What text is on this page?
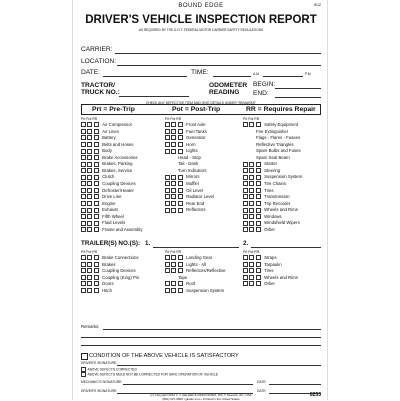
BOUND EDGE	8/12
DRIVER'S VEHICLE INSPECTION REPORT
AS REQUIRED BY THE D.O.T. FEDERAL MOTOR CARRIER SAFETY REGULATIONS
CARRIER:
LOCATION:
DATE:	TIME:	A.M.	P.M.
TRACTOR/
TRUCK NO.:
ODOMETER
READING
BEGIN:
END:
CHECK ANY DEFECTIVE ITEM AND GIVE DETAILS UNDER "REMARKS"
Prt = Pre-Trip	Pot = Post-Trip	RR = Requires Repair
Prt Pot RR	Prt Pot RR	Prt Pot RR
Air Compressor
Air Lines
Battery
Belts and Hoses
Body
Brake Accessories
Brakes, Parking
Brakes, Service
Clutch
Coupling Devices
Defroster/Heater
Drive Line
Engine
Exhaust
Fifth Wheel
Fluid Levels
Frame and Assembly
Front Axle
Fuel Tanks
Generator
Horn
Lights
Head - Stop
Tail - Dash
Turn Indicators
Mirrors
Muffler
Oil Level
Radiator Level
Rear End
Reflectors
Safety Equipment
Fire Extinguisher
Flags - Flares - Fusees
Reflective Triangles
Spare Bulbs and Fuses
Spare Seal Beam
Starter
Steering
Suspension System
Tire Chains
Tires
Transmission
Trip Recorder
Wheels and Rims
Windows
Windshield Wipers
Other
TRAILER(S) NO.(S): 1.	2.
Prt Pot RR	Prt Pot RR	Prt Pot RR
Brake Connections
Brakes
Coupling Devices
Coupling (King) Pin
Doors
Hitch
Landing Gear
Lights - All
Reflectors/Reflective
Tape
Roof
Suspension System
Straps
Tarpaulin
Tires
Wheels and Rims
Other
Remarks:
CONDITION OF THE ABOVE VEHICLE IS SATISFACTORY
DRIVER'S SIGNATURE:
ABOVE DEFECTS CORRECTED
ABOVE DEFECTS NEED NOT BE CORRECTED FOR SAFE OPERATION OF VEHICLE
MECHANIC'S SIGNATURE:	DATE:
DRIVER'S SIGNATURE:	DATE:
(c) Copyright 2012 J. J. KELLER & ASSOCIATES, INC.® Neenah, WI • USA
(800) 327-6868 • jjkeller.com • Printed in the United States
8253
